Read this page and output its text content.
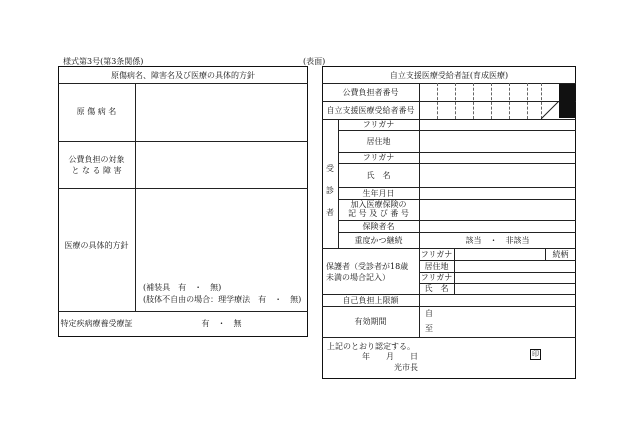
様式第3号(第3条関係)	(表面)
原傷病名、障害名及び医療の具体的方針
原 傷 病 名
公費負担の対象
と な る 障 害
医療の具体的方針
(補装具　有　・　無)
(肢体不自由の場合：理学療法　有　・　無)
特定疾病療養受療証	有　・　無
自立支援医療受給者証(育成医療)
公費負担者番号
自立支援医療受給者番号
受
診
者
フリガナ
居住地
フリガナ
氏　名
生年月日
加入医療保険の
記 号 及 び 番 号
保険者名
重度かつ継続	該当　・　非該当
保護者（受診者が18歳
未満の場合記入）
フリガナ	続柄
居住地
フリガナ
氏　名
自己負担上限額
有効期間
自
至
上記のとおり認定する。
年　　月　　日
光市長
印
